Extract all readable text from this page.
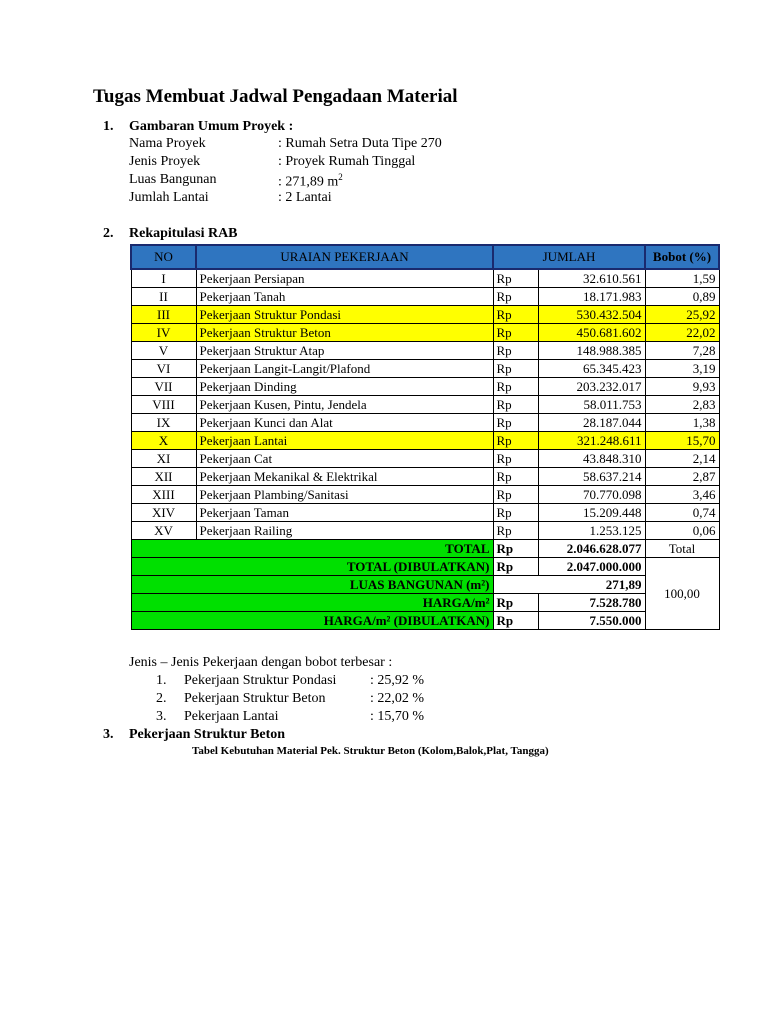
Tugas Membuat Jadwal Pengadaan Material
1. Gambaran Umum Proyek :
Nama Proyek	: Rumah Setra Duta Tipe 270
Jenis Proyek	: Proyek Rumah Tinggal
Luas Bangunan	: 271,89 $m^2$
Jumlah Lantai	: 2 Lantai
2. Rekapitulasi RAB
NO	URAIAN PEKERJAAN	JUMLAH		Bobot (%)
I	Pekerjaan Persiapan	Rp	32.610.561	1,59
II	Pekerjaan Tanah	Rp	18.171.983	0,89
III	Pekerjaan Struktur Pondasi	Rp	530.432.504	25,92
IV	Pekerjaan Struktur Beton	Rp	450.681.602	22,02
V	Pekerjaan Struktur Atap	Rp	148.988.385	7,28
VI	Pekerjaan Langit-Langit/Plafond	Rp	65.345.423	3,19
VII	Pekerjaan Dinding	Rp	203.232.017	9,93
VIII	Pekerjaan Kusen, Pintu, Jendela	Rp	58.011.753	2,83
IX	Pekerjaan Kunci dan Alat	Rp	28.187.044	1,38
X	Pekerjaan Lantai	Rp	321.248.611	15,70
XI	Pekerjaan Cat	Rp	43.848.310	2,14
XII	Pekerjaan Mekanikal & Elektrikal	Rp	58.637.214	2,87
XIII	Pekerjaan Plambing/Sanitasi	Rp	70.770.098	3,46
XIV	Pekerjaan Taman	Rp	15.209.448	0,74
XV	Pekerjaan Railing	Rp	1.253.125	0,06
TOTAL		Rp	2.046.628.077	Total
TOTAL (DIBULATKAN)		Rp	2.047.000.000	100,00
LUAS BANGUNAN (m²)		271,89		
HARGA/m²		Rp	7.528.780	
HARGA/m² (DIBULATKAN)		Rp	7.550.000	
Jenis – Jenis Pekerjaan dengan bobot terbesar :
1. Pekerjaan Struktur Pondasi : 25,92 %
2. Pekerjaan Struktur Beton	: 22,02 %
3. Pekerjaan Lantai	: 15,70 %
3. Pekerjaan Struktur Beton
Tabel Kebutuhan Material Pek. Struktur Beton (Kolom,Balok,Plat, Tangga)
